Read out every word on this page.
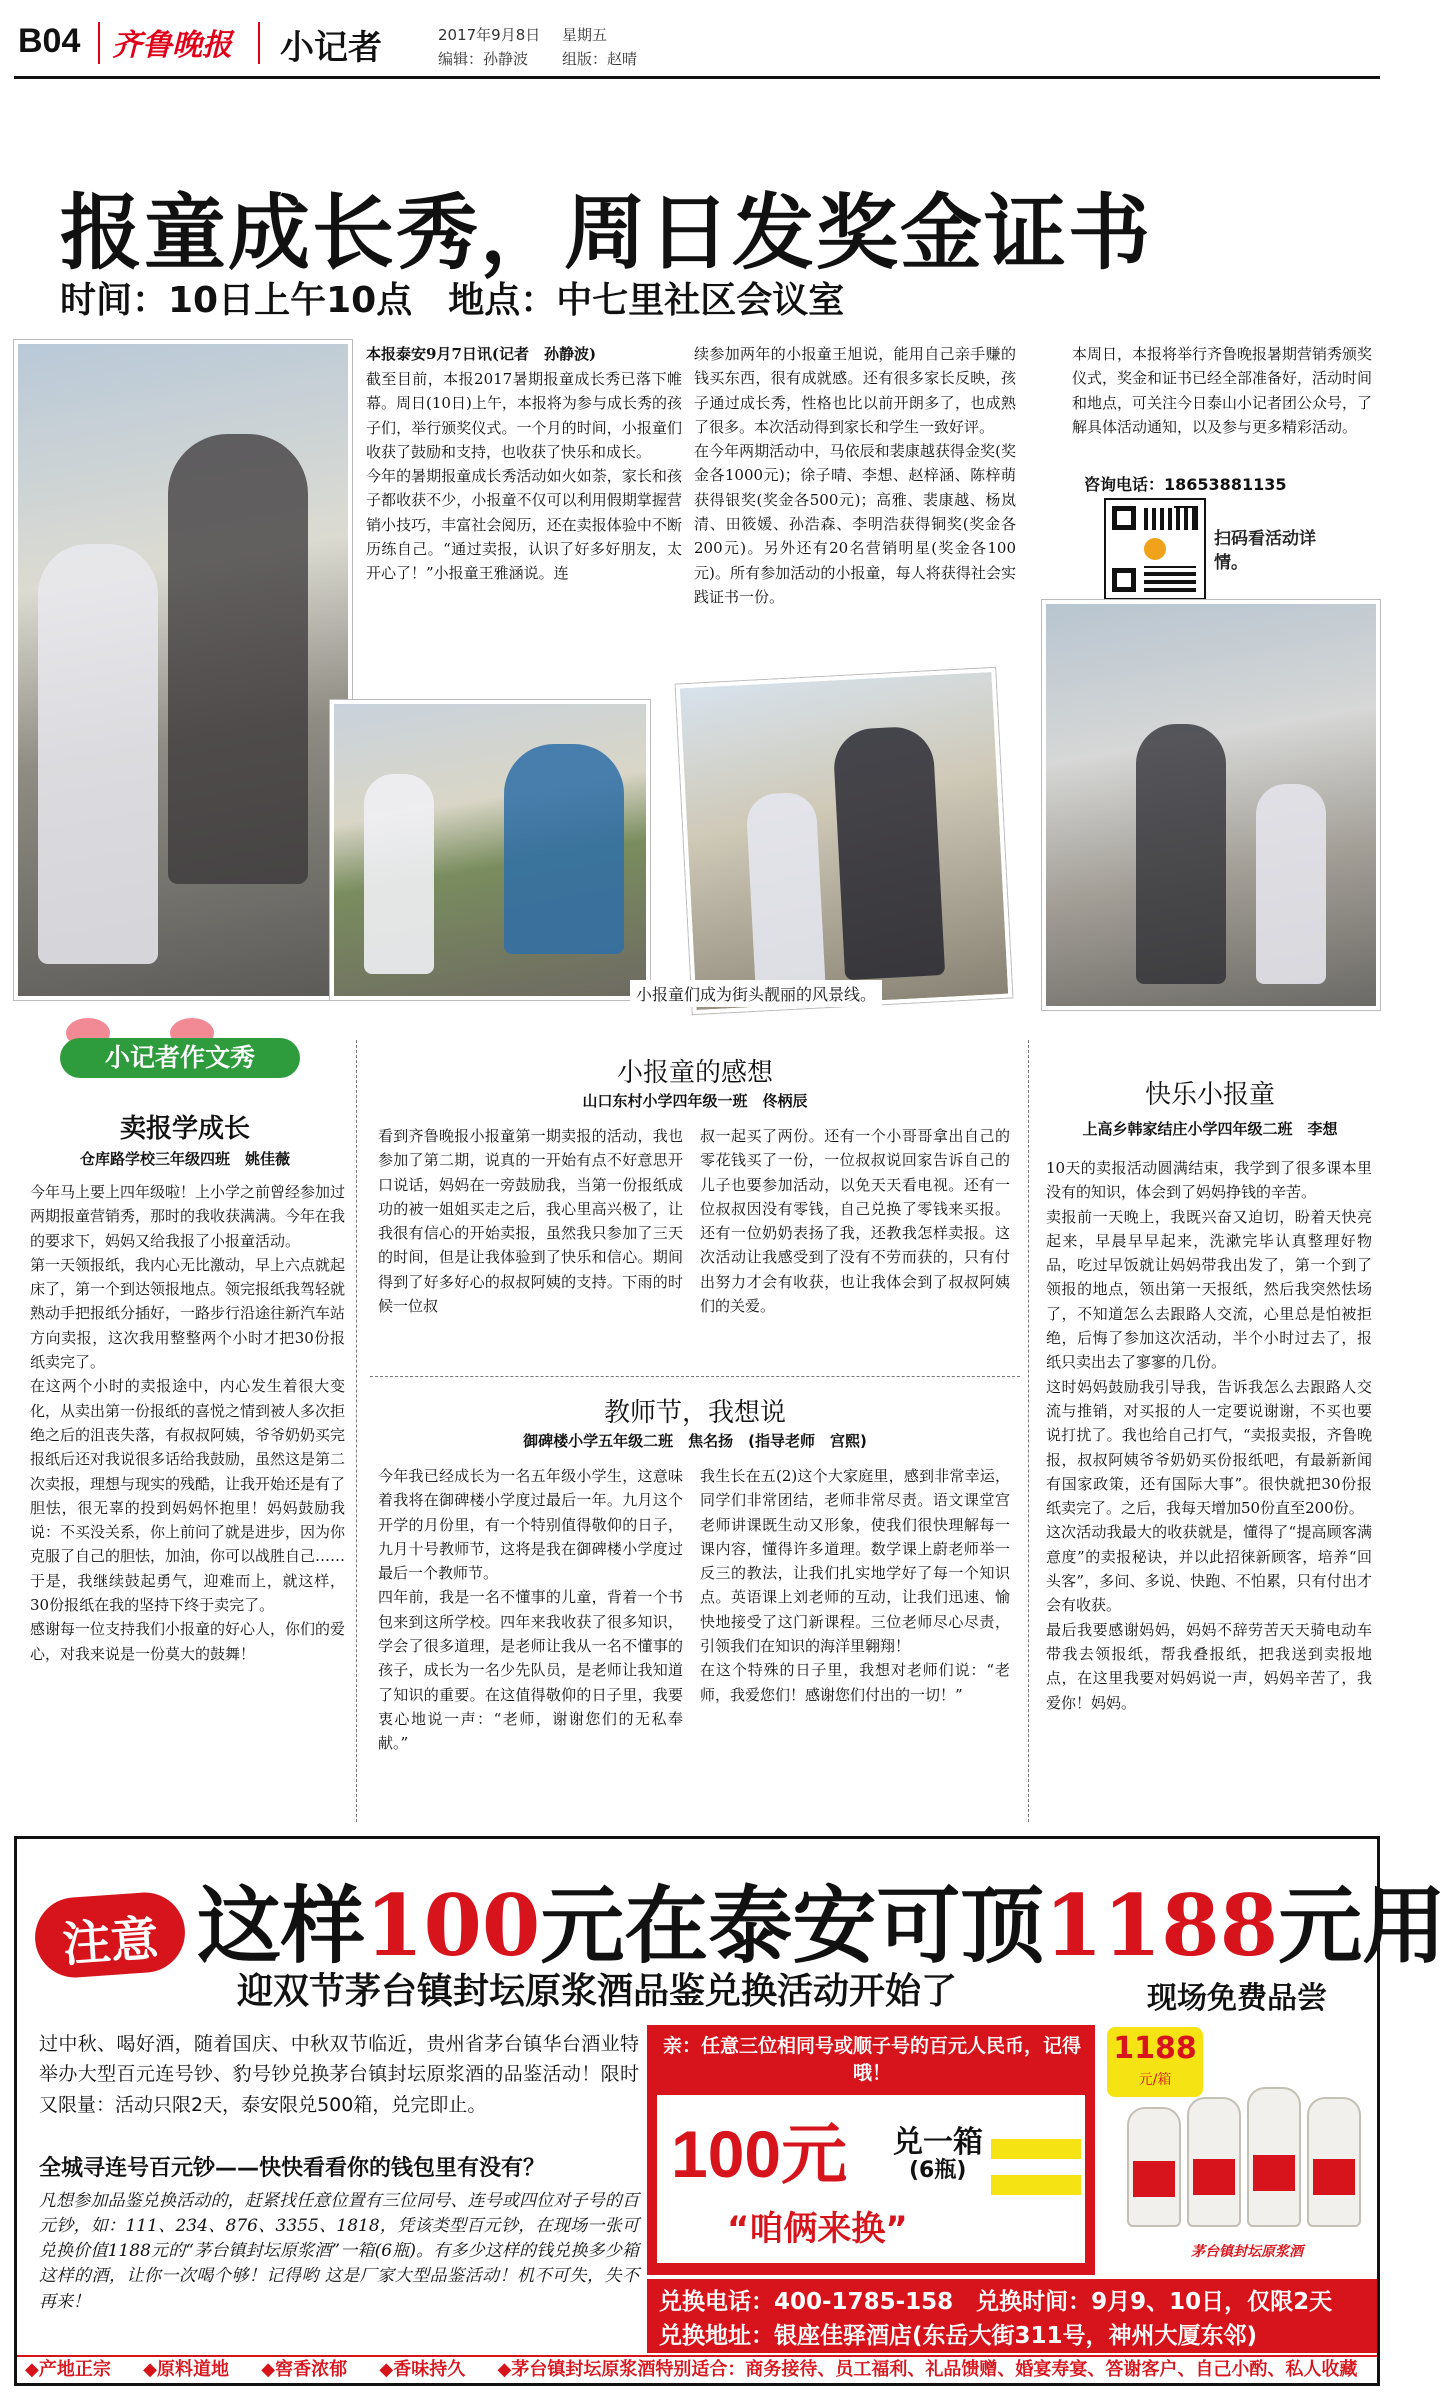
B04 齐鲁晚报 小记者	2017年9月8日 星期五
编辑：孙静波 组版：赵晴
报童成长秀，周日发奖金证书
时间：10日上午10点　地点：中七里社区会议室
本报泰安9月7日讯(记者　孙静波)
截至目前，本报2017暑期报童成长秀已落下帷幕。周日(10日)上午，本报将为参与成长秀的孩子们，举行颁奖仪式。一个月的时间，小报童们收获了鼓励和支持，也收获了快乐和成长。
今年的暑期报童成长秀活动如火如荼，家长和孩子都收获不少，小报童不仅可以利用假期掌握营销小技巧，丰富社会阅历，还在卖报体验中不断历练自己。“通过卖报，认识了好多好朋友，太开心了！”小报童王雅涵说。连
续参加两年的小报童王旭说，能用自己亲手赚的钱买东西，很有成就感。还有很多家长反映，孩子通过成长秀，性格也比以前开朗多了，也成熟了很多。本次活动得到家长和学生一致好评。
在今年两期活动中，马依辰和裴康越获得金奖(奖金各1000元)；徐子晴、李想、赵梓涵、陈梓萌获得银奖(奖金各500元)；高雅、裴康越、杨岚清、田筱媛、孙浩森、李明浩获得铜奖(奖金各200元)。另外还有20名营销明星(奖金各100元)。所有参加活动的小报童，每人将获得社会实践证书一份。
本周日，本报将举行齐鲁晚报暑期营销秀颁奖仪式，奖金和证书已经全部准备好，活动时间和地点，可关注今日泰山小记者团公众号，了解具体活动通知，以及参与更多精彩活动。
咨询电话：18653881135
扫码看活动详情。
小报童们成为街头靓丽的风景线。
小记者作文秀
卖报学成长
仓库路学校三年级四班　姚佳薇
今年马上要上四年级啦！上小学之前曾经参加过两期报童营销秀，那时的我收获满满。今年在我的要求下，妈妈又给我报了小报童活动。
第一天领报纸，我内心无比激动，早上六点就起床了，第一个到达领报地点。领完报纸我驾轻就熟动手把报纸分插好，一路步行沿途往新汽车站方向卖报，这次我用整整两个小时才把30份报纸卖完了。
在这两个小时的卖报途中，内心发生着很大变化，从卖出第一份报纸的喜悦之情到被人多次拒绝之后的沮丧失落，有叔叔阿姨，爷爷奶奶买完报纸后还对我说很多话给我鼓励，虽然这是第二次卖报，理想与现实的残酷，让我开始还是有了胆怯，很无辜的投到妈妈怀抱里！妈妈鼓励我说：不买没关系，你上前问了就是进步，因为你克服了自己的胆怯，加油，你可以战胜自己……
于是，我继续鼓起勇气，迎难而上，就这样，30份报纸在我的坚持下终于卖完了。
感谢每一位支持我们小报童的好心人，你们的爱心，对我来说是一份莫大的鼓舞！
小报童的感想
山口东村小学四年级一班　佟柄辰
看到齐鲁晚报小报童第一期卖报的活动，我也参加了第二期，说真的一开始有点不好意思开口说话，妈妈在一旁鼓励我，当第一份报纸成功的被一姐姐买走之后，我心里高兴极了，让我很有信心的开始卖报，虽然我只参加了三天的时间，但是让我体验到了快乐和信心。期间得到了好多好心的叔叔阿姨的支持。下雨的时候一位叔
叔一起买了两份。还有一个小哥哥拿出自己的零花钱买了一份，一位叔叔说回家告诉自己的儿子也要参加活动，以免天天看电视。还有一位叔叔因没有零钱，自己兑换了零钱来买报。还有一位奶奶表扬了我，还教我怎样卖报。这次活动让我感受到了没有不劳而获的，只有付出努力才会有收获，也让我体会到了叔叔阿姨们的关爱。
教师节，我想说
御碑楼小学五年级二班　焦名扬　(指导老师　宫熙)
今年我已经成长为一名五年级小学生，这意味着我将在御碑楼小学度过最后一年。九月这个开学的月份里，有一个特别值得敬仰的日子，九月十号教师节，这将是我在御碑楼小学度过最后一个教师节。
四年前，我是一名不懂事的儿童，背着一个书包来到这所学校。四年来我收获了很多知识，学会了很多道理，是老师让我从一名不懂事的孩子，成长为一名少先队员，是老师让我知道了知识的重要。在这值得敬仰的日子里，我要衷心地说一声：“老师，谢谢您们的无私奉献。”
我生长在五(2)这个大家庭里，感到非常幸运，同学们非常团结，老师非常尽责。语文课堂宫老师讲课既生动又形象，使我们很快理解每一课内容，懂得许多道理。数学课上蔚老师举一反三的教法，让我们扎实地学好了每一个知识点。英语课上刘老师的互动，让我们迅速、愉快地接受了这门新课程。三位老师尽心尽责，引领我们在知识的海洋里翱翔！
在这个特殊的日子里，我想对老师们说：“老师，我爱您们！感谢您们付出的一切！”
快乐小报童
上高乡韩家结庄小学四年级二班　李想
10天的卖报活动圆满结束，我学到了很多课本里没有的知识，体会到了妈妈挣钱的辛苦。
卖报前一天晚上，我既兴奋又迫切，盼着天快亮起来，早晨早早起来，洗漱完毕认真整理好物品，吃过早饭就让妈妈带我出发了，第一个到了领报的地点，领出第一天报纸，然后我突然怯场了，不知道怎么去跟路人交流，心里总是怕被拒绝，后悔了参加这次活动，半个小时过去了，报纸只卖出去了寥寥的几份。
这时妈妈鼓励我引导我，告诉我怎么去跟路人交流与推销，对买报的人一定要说谢谢，不买也要说打扰了。我也给自己打气，“卖报卖报，齐鲁晚报，叔叔阿姨爷爷奶奶买份报纸吧，有最新新闻有国家政策，还有国际大事”。很快就把30份报纸卖完了。之后，我每天增加50份直至200份。
这次活动我最大的收获就是，懂得了“提高顾客满意度”的卖报秘诀，并以此招徕新顾客，培养“回头客”，多问、多说、快跑、不怕累，只有付出才会有收获。
最后我要感谢妈妈，妈妈不辞劳苦天天骑电动车带我去领报纸，帮我叠报纸，把我送到卖报地点，在这里我要对妈妈说一声，妈妈辛苦了，我爱你！妈妈。
注意 这样100元在泰安可顶1188元用
迎双节茅台镇封坛原浆酒品鉴兑换活动开始了	现场免费品尝
过中秋、喝好酒，随着国庆、中秋双节临近，贵州省茅台镇华台酒业特举办大型百元连号钞、豹号钞兑换茅台镇封坛原浆酒的品鉴活动！限时又限量：活动只限2天，泰安限兑500箱，兑完即止。
全城寻连号百元钞——快快看看你的钱包里有没有？
凡想参加品鉴兑换活动的，赶紧找任意位置有三位同号、连号或四位对子号的百元钞，如：111、234、876、3355、1818，凭该类型百元钞，在现场一张可兑换价值1188元的“茅台镇封坛原浆酒”一箱(6瓶)。有多少这样的钱兑换多少箱这样的酒，让你一次喝个够！记得哟 这是厂家大型品鉴活动！机不可失，失不再来！
亲：任意三位相同号或顺子号的百元人民币，记得哦！
100元 兑一箱
(6瓶)
“咱俩来换”
1188
元/箱
茅台镇封坛原浆酒
兑换电话：400-1785-158　兑换时间：9月9、10日，仅限2天
兑换地址：银座佳驿酒店(东岳大街311号，神州大厦东邻)
◆产地正宗 ◆原料道地 ◆窖香浓郁 ◆香味持久 ◆茅台镇封坛原浆酒特别适合：商务接待、员工福利、礼品馈赠、婚宴寿宴、答谢客户、自己小酌、私人收藏
